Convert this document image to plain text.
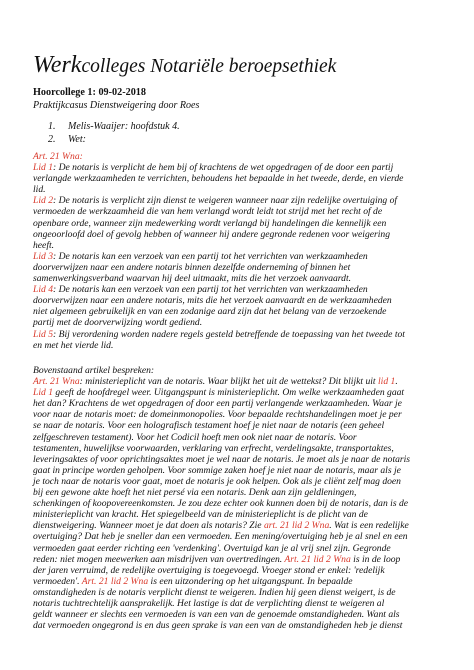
Werkcolleges Notariële beroepsethiek
Hoorcollege 1: 09-02-2018
Praktijkcasus Dienstweigering door Roes
1.	Melis-Waaijer: hoofdstuk 4.
2.	Wet:
Art. 21 Wna:
Lid 1: De notaris is verplicht de hem bij of krachtens de wet opgedragen of de door een partij
verlangde werkzaamheden te verrichten, behoudens het bepaalde in het tweede, derde, en vierde
lid.
Lid 2: De notaris is verplicht zijn dienst te weigeren wanneer naar zijn redelijke overtuiging of
vermoeden de werkzaamheid die van hem verlangd wordt leidt tot strijd met het recht of de
openbare orde, wanneer zijn medewerking wordt verlangd bij handelingen die kennelijk een
ongeoorloofd doel of gevolg hebben of wanneer hij andere gegronde redenen voor weigering
heeft.
Lid 3: De notaris kan een verzoek van een partij tot het verrichten van werkzaamheden
doorverwijzen naar een andere notaris binnen dezelfde onderneming of binnen het
samenwerkingsverband waarvan hij deel uitmaakt, mits die het verzoek aanvaardt.
Lid 4: De notaris kan een verzoek van een partij tot het verrichten van werkzaamheden
doorverwijzen naar een andere notaris, mits die het verzoek aanvaardt en de werkzaamheden
niet algemeen gebruikelijk en van een zodanige aard zijn dat het belang van de verzoekende
partij met de doorverwijzing wordt gediend.
Lid 5: Bij verordening worden nadere regels gesteld betreffende de toepassing van het tweede tot
en met het vierde lid.
Bovenstaand artikel bespreken:
Art. 21 Wna: ministerieplicht van de notaris. Waar blijkt het uit de wettekst? Dit blijkt uit lid 1.
Lid 1 geeft de hoofdregel weer. Uitgangspunt is ministerieplicht. Om welke werkzaamheden gaat
het dan? Krachtens de wet opgedragen of door een partij verlangende werkzaamheden. Waar je
voor naar de notaris moet: de domeinmonopolies. Voor bepaalde rechtshandelingen moet je per
se naar de notaris. Voor een holografisch testament hoef je niet naar de notaris (een geheel
zelfgeschreven testament). Voor het Codicil hoeft men ook niet naar de notaris. Voor
testamenten, huwelijkse voorwaarden, verklaring van erfrecht, verdelingsakte, transportaktes,
leveringsaktes of voor oprichtingsaktes moet je wel naar de notaris. Je moet als je naar de notaris
gaat in principe worden geholpen. Voor sommige zaken hoef je niet naar de notaris, maar als je
je toch naar de notaris voor gaat, moet de notaris je ook helpen. Ook als je cliënt zelf mag doen
bij een gewone akte hoeft het niet persé via een notaris. Denk aan zijn geldleningen,
schenkingen of koopovereenkomsten. Je zou deze echter ook kunnen doen bij de notaris, dan is de
ministerieplicht van kracht. Het spiegelbeeld van de ministerieplicht is de plicht van de
dienstweigering. Wanneer moet je dat doen als notaris? Zie art. 21 lid 2 Wna. Wat is een redelijke
overtuiging? Dat heb je sneller dan een vermoeden. Een mening/overtuiging heb je al snel en een
vermoeden gaat eerder richting een 'verdenking'. Overtuigd kan je al vrij snel zijn. Gegronde
reden: niet mogen meewerken aan misdrijven van overtredingen. Art. 21 lid 2 Wna is in de loop
der jaren verruimd, de redelijke overtuiging is toegevoegd. Vroeger stond er enkel: 'redelijk
vermoeden'. Art. 21 lid 2 Wna is een uitzondering op het uitgangspunt. In bepaalde
omstandigheden is de notaris verplicht dienst te weigeren. Indien hij geen dienst weigert, is de
notaris tuchtrechtelijk aansprakelijk. Het lastige is dat de verplichting dienst te weigeren al
geldt wanneer er slechts een vermoeden is van een van de genoemde omstandigheden. Want als
dat vermoeden ongegrond is en dus geen sprake is van een van de omstandigheden heb je dienst
